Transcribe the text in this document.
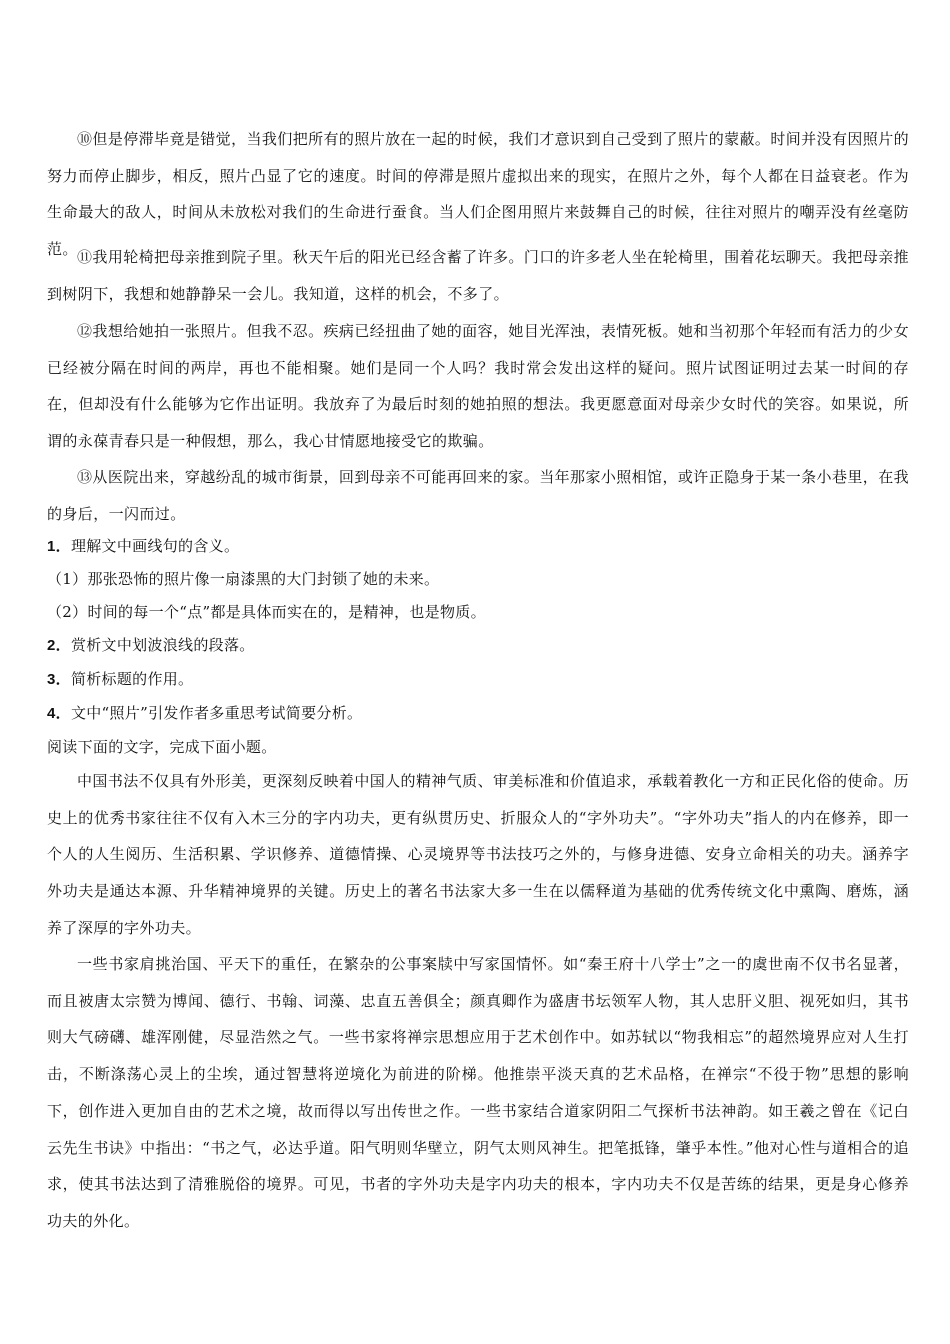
⑩但是停滞毕竟是错觉，当我们把所有的照片放在一起的时候，我们才意识到自己受到了照片的蒙蔽。时间并没有因照片的努力而停止脚步，相反，照片凸显了它的速度。时间的停滞是照片虚拟出来的现实，在照片之外，每个人都在日益衰老。作为生命最大的敌人，时间从未放松对我们的生命进行蚕食。当人们企图用照片来鼓舞自己的时候，往往对照片的嘲弄没有丝毫防范。 ⑪我用轮椅把母亲推到院子里。秋天午后的阳光已经含蓄了许多。门口的许多老人坐在轮椅里，围着花坛聊天。我把母亲推到树阴下，我想和她静静呆一会儿。我知道，这样的机会，不多了。

⑫我想给她拍一张照片。但我不忍。疾病已经扭曲了她的面容，她目光浑浊，表情死板。她和当初那个年轻而有活力的少女已经被分隔在时间的两岸，再也不能相聚。她们是同一个人吗？我时常会发出这样的疑问。照片试图证明过去某一时间的存在，但却没有什么能够为它作出证明。我放弃了为最后时刻的她拍照的想法。我更愿意面对母亲少女时代的笑容。如果说，所谓的永葆青春只是一种假想，那么，我心甘情愿地接受它的欺骗。

⑬从医院出来，穿越纷乱的城市街景，回到母亲不可能再回来的家。当年那家小照相馆，或许正隐身于某一条小巷里，在我的身后，一闪而过。

1．理解文中画线句的含义。
（1）那张恐怖的照片像一扇漆黑的大门封锁了她的未来。
（2）时间的每一个“点”都是具体而实在的，是精神，也是物质。
2．赏析文中划波浪线的段落。
3．简析标题的作用。
4．文中“照片”引发作者多重思考试简要分析。
阅读下面的文字，完成下面小题。

中国书法不仅具有外形美，更深刻反映着中国人的精神气质、审美标准和价值追求，承载着教化一方和正民化俗的使命。历史上的优秀书家往往不仅有入木三分的字内功夫，更有纵贯历史、折服众人的“字外功夫”。“字外功夫”指人的内在修养，即一个人的人生阅历、生活积累、学识修养、道德情操、心灵境界等书法技巧之外的，与修身进德、安身立命相关的功夫。涵养字外功夫是通达本源、升华精神境界的关键。历史上的著名书法家大多一生在以儒释道为基础的优秀传统文化中熏陶、磨炼，涵养了深厚的字外功夫。

一些书家肩挑治国、平天下的重任，在繁杂的公事案牍中写家国情怀。如“秦王府十八学士”之一的虞世南不仅书名显著，而且被唐太宗赞为博闻、德行、书翰、词藻、忠直五善俱全；颜真卿作为盛唐书坛领军人物，其人忠肝义胆、视死如归，其书则大气磅礴、雄浑刚健，尽显浩然之气。一些书家将禅宗思想应用于艺术创作中。如苏轼以“物我相忘”的超然境界应对人生打击，不断涤荡心灵上的尘埃，通过智慧将逆境化为前进的阶梯。他推崇平淡天真的艺术品格，在禅宗“不役于物”思想的影响下，创作进入更加自由的艺术之境，故而得以写出传世之作。一些书家结合道家阴阳二气探析书法神韵。如王羲之曾在《记白云先生书诀》中指出：“书之气，必达乎道。阳气明则华壁立，阴气太则风神生。把笔抵锋，肇乎本性。”他对心性与道相合的追求，使其书法达到了清雅脱俗的境界。可见，书者的字外功夫是字内功夫的根本，字内功夫不仅是苦练的结果，更是身心修养功夫的外化。
